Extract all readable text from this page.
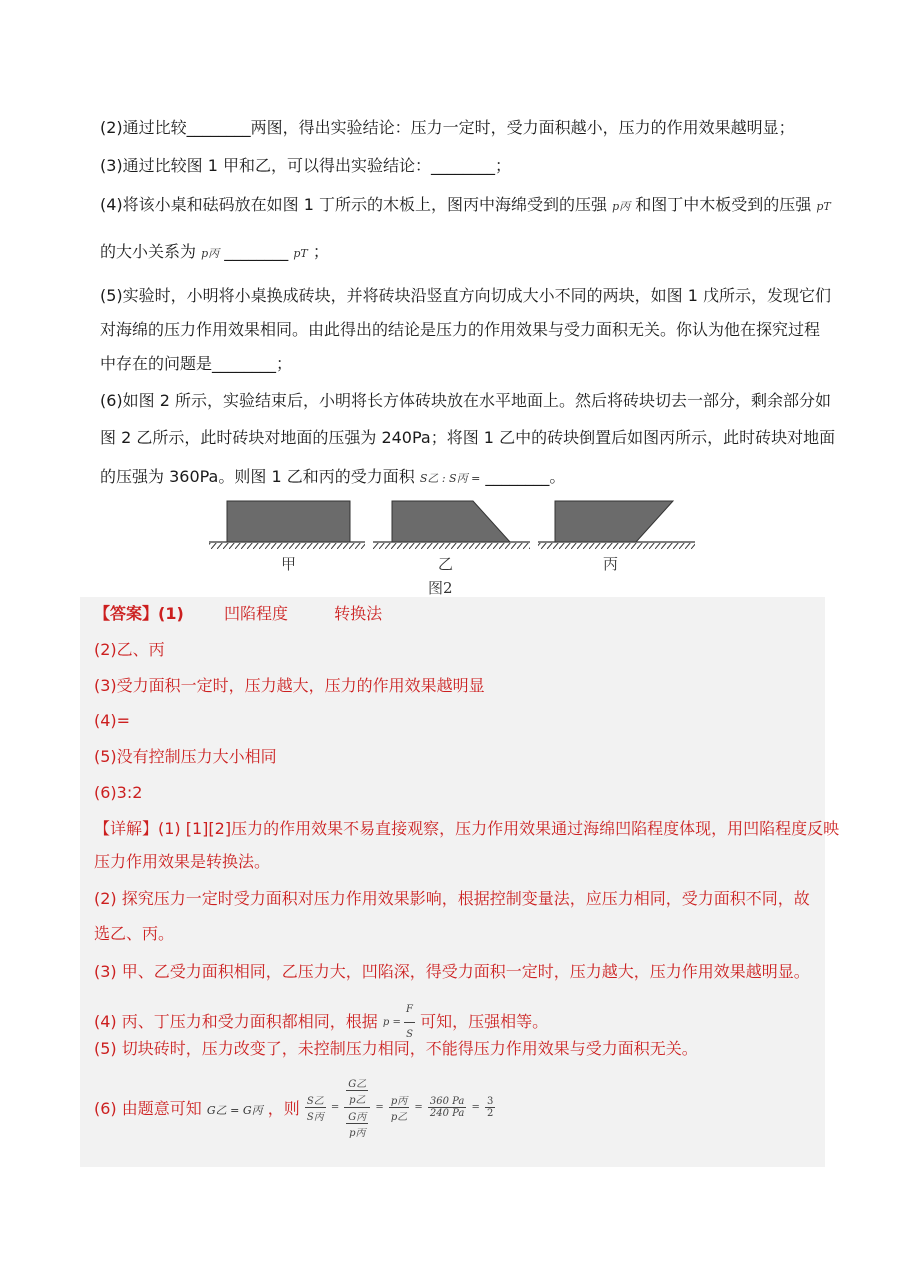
(2)通过比较________两图，得出实验结论：压力一定时，受力面积越小，压力的作用效果越明显；
(3)通过比较图 1 甲和乙，可以得出实验结论：________；
(4)将该小桌和砝码放在如图 1 丁所示的木板上，图丙中海绵受到的压强 p丙 和图丁中木板受到的压强 pT
的大小关系为 p丙 ________ pT ；
(5)实验时，小明将小桌换成砖块，并将砖块沿竖直方向切成大小不同的两块，如图 1 戊所示，发现它们
对海绵的压力作用效果相同。由此得出的结论是压力的作用效果与受力面积无关。你认为他在探究过程
中存在的问题是________；
(6)如图 2 所示，实验结束后，小明将长方体砖块放在水平地面上。然后将砖块切去一部分，剩余部分如
图 2 乙所示，此时砖块对地面的压强为 240Pa；将图 1 乙中的砖块倒置后如图丙所示，此时砖块对地面
的压强为 360Pa。则图 1 乙和丙的受力面积 S乙 : S丙 = ________。
甲	乙	丙
图2
【答案】(1)	凹陷程度	转换法
(2)乙、丙
(3)受力面积一定时，压力越大，压力的作用效果越明显
(4)=
(5)没有控制压力大小相同
(6)3:2
【详解】(1) [1][2]压力的作用效果不易直接观察，压力作用效果通过海绵凹陷程度体现，用凹陷程度反映
压力作用效果是转换法。
(2) 探究压力一定时受力面积对压力作用效果影响，根据控制变量法，应压力相同，受力面积不同，故
选乙、丙。
(3) 甲、乙受力面积相同，乙压力大，凹陷深，得受力面积一定时，压力越大，压力作用效果越明显。
(4) 丙、丁压力和受力面积都相同，根据 $p = \frac{F}{S}$ 可知，压强相等。
(5) 切块砖时，压力改变了，未控制压力相同，不能得压力作用效果与受力面积无关。
(6) 由题意可知 G乙 = G丙 ，则 $\frac{\text{S乙}}{\text{S丙}} = \frac{\frac{\text{G乙}}{\text{p乙}}}{\frac{\text{G丙}}{\text{p丙}}} = \frac{\text{p丙}}{\text{p乙}} = \frac{360 Pa}{240 Pa} = \frac{3}{2}$
